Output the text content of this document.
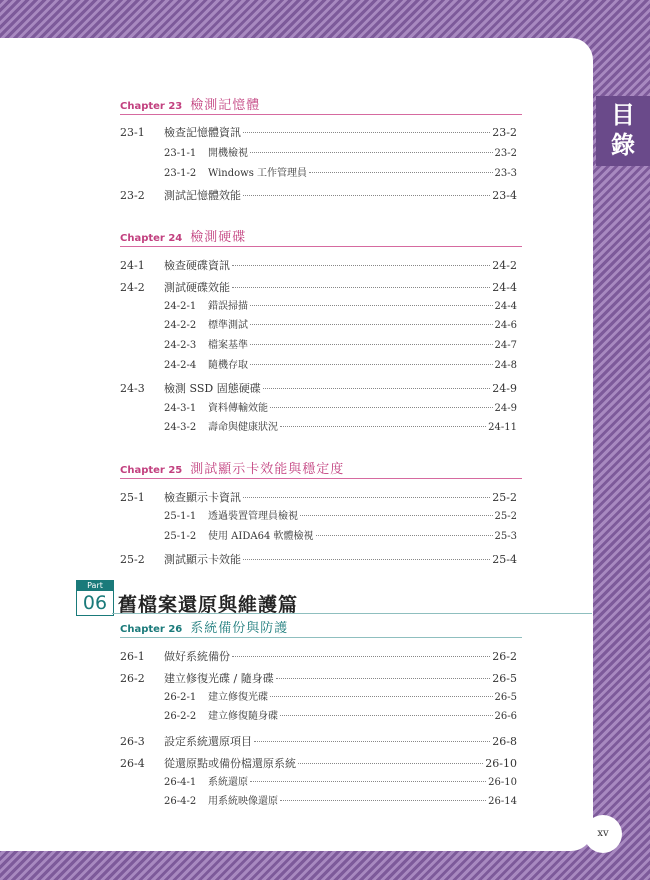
目
錄
Chapter 23 檢測記憶體
23-1	檢查記憶體資訊	23-2
23-1-1	開機檢視	23-2
23-1-2	Windows 工作管理員	23-3
23-2	測試記憶體效能	23-4
Chapter 24 檢測硬碟
24-1	檢查硬碟資訊	24-2
24-2	測試硬碟效能	24-4
24-2-1	錯誤掃描	24-4
24-2-2	標準測試	24-6
24-2-3	檔案基準	24-7
24-2-4	隨機存取	24-8
24-3	檢測 SSD 固態硬碟	24-9
24-3-1	資料傳輸效能	24-9
24-3-2	壽命與健康狀況	24-11
Chapter 25 測試顯示卡效能與穩定度
25-1	檢查顯示卡資訊	25-2
25-1-1	透過裝置管理員檢視	25-2
25-1-2	使用 AIDA64 軟體檢視	25-3
25-2	測試顯示卡效能	25-4
Part
06 舊檔案還原與維護篇
Chapter 26 系統備份與防護
26-1	做好系統備份	26-2
26-2	建立修復光碟 / 隨身碟	26-5
26-2-1	建立修復光碟	26-5
26-2-2	建立修復隨身碟	26-6
26-3	設定系統還原項目	26-8
26-4	從還原點或備份檔還原系統	26-10
26-4-1	系統還原	26-10
26-4-2	用系統映像還原	26-14
xv
